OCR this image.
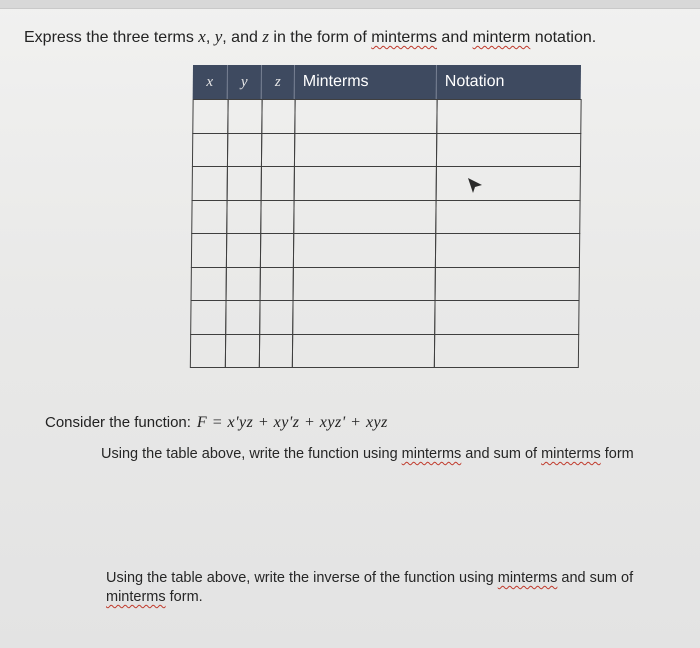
Express the three terms x, y, and z in the form of minterms and minterm notation.
x y z Minterms	Notation
Consider the function: F = x'yz + xy'z + xyz' + xyz
Using the table above, write the function using minterms and sum of minterms form
Using the table above, write the inverse of the function using minterms and sum of minterms form.
